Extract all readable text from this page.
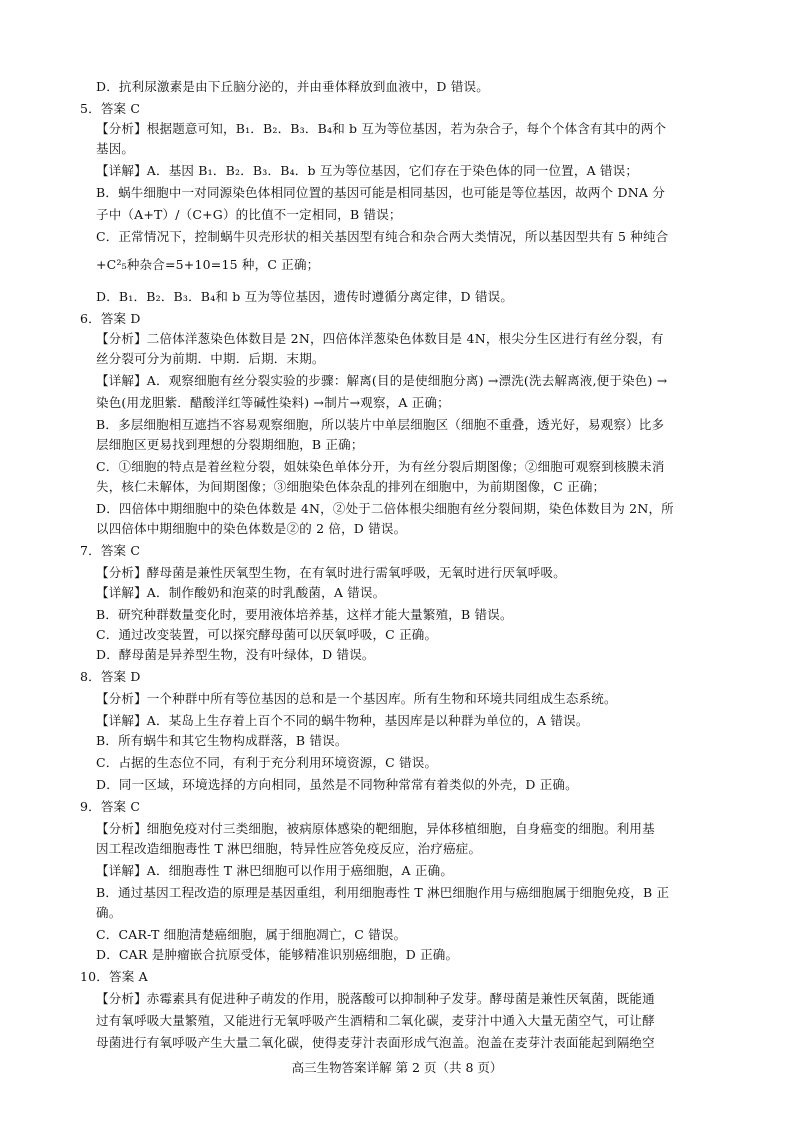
D．抗利尿激素是由下丘脑分泌的，并由垂体释放到血液中，D 错误。
5．答案 C
【分析】根据题意可知，B₁．B₂．B₃．B₄和 b 互为等位基因，若为杂合子，每个个体含有其中的两个
基因。
【详解】A．基因 B₁．B₂．B₃．B₄．b 互为等位基因，它们存在于染色体的同一位置，A 错误；
B．蜗牛细胞中一对同源染色体相同位置的基因可能是相同基因，也可能是等位基因，故两个 DNA 分
子中（A+T）/（C+G）的比值不一定相同，B 错误；
C．正常情况下，控制蜗牛贝壳形状的相关基因型有纯合和杂合两大类情况，所以基因型共有 5 种纯合
+C²₅种杂合=5+10=15 种，C 正确；
D．B₁．B₂．B₃．B₄和 b 互为等位基因，遗传时遵循分离定律，D 错误。
6．答案 D
【分析】二倍体洋葱染色体数目是 2N，四倍体洋葱染色体数目是 4N，根尖分生区进行有丝分裂，有
丝分裂可分为前期．中期．后期．末期。
【详解】A．观察细胞有丝分裂实验的步骤：解离(目的是使细胞分离) →漂洗(洗去解离液,便于染色) →
染色(用龙胆紫．醋酸洋红等碱性染料) →制片→观察，A 正确；
B．多层细胞相互遮挡不容易观察细胞，所以装片中单层细胞区（细胞不重叠，透光好，易观察）比多
层细胞区更易找到理想的分裂期细胞，B 正确；
C．①细胞的特点是着丝粒分裂，姐妹染色单体分开，为有丝分裂后期图像；②细胞可观察到核膜未消
失，核仁未解体，为间期图像；③细胞染色体杂乱的排列在细胞中，为前期图像，C 正确；
D．四倍体中期细胞中的染色体数是 4N，②处于二倍体根尖细胞有丝分裂间期，染色体数目为 2N，所
以四倍体中期细胞中的染色体数是②的 2 倍，D 错误。
7．答案 C
【分析】酵母菌是兼性厌氧型生物，在有氧时进行需氧呼吸，无氧时进行厌氧呼吸。
【详解】A．制作酸奶和泡菜的时乳酸菌，A 错误。
B．研究种群数量变化时，要用液体培养基，这样才能大量繁殖，B 错误。
C．通过改变装置，可以探究酵母菌可以厌氧呼吸，C 正确。
D．酵母菌是异养型生物，没有叶绿体，D 错误。
8．答案 D
【分析】一个种群中所有等位基因的总和是一个基因库。所有生物和环境共同组成生态系统。
【详解】A．某岛上生存着上百个不同的蜗牛物种，基因库是以种群为单位的，A 错误。
B．所有蜗牛和其它生物构成群落，B 错误。
C．占据的生态位不同，有利于充分利用环境资源，C 错误。
D．同一区域，环境选择的方向相同，虽然是不同物种常常有着类似的外壳，D 正确。
9．答案 C
【分析】细胞免疫对付三类细胞，被病原体感染的靶细胞，异体移植细胞，自身癌变的细胞。利用基
因工程改造细胞毒性 T 淋巴细胞，特异性应答免疫反应，治疗癌症。
【详解】A．细胞毒性 T 淋巴细胞可以作用于癌细胞，A 正确。
B．通过基因工程改造的原理是基因重组，利用细胞毒性 T 淋巴细胞作用与癌细胞属于细胞免疫，B 正
确。
C．CAR-T 细胞清楚癌细胞，属于细胞凋亡，C 错误。
D．CAR 是肿瘤嵌合抗原受体，能够精准识别癌细胞，D 正确。
10．答案 A
【分析】赤霉素具有促进种子萌发的作用，脱落酸可以抑制种子发芽。酵母菌是兼性厌氧菌，既能通
过有氧呼吸大量繁殖，又能进行无氧呼吸产生酒精和二氧化碳，麦芽汁中通入大量无菌空气，可让酵
母菌进行有氧呼吸产生大量二氧化碳，使得麦芽汁表面形成气泡盖。泡盖在麦芽汁表面能起到隔绝空
高三生物答案详解 第 2 页（共 8 页）
